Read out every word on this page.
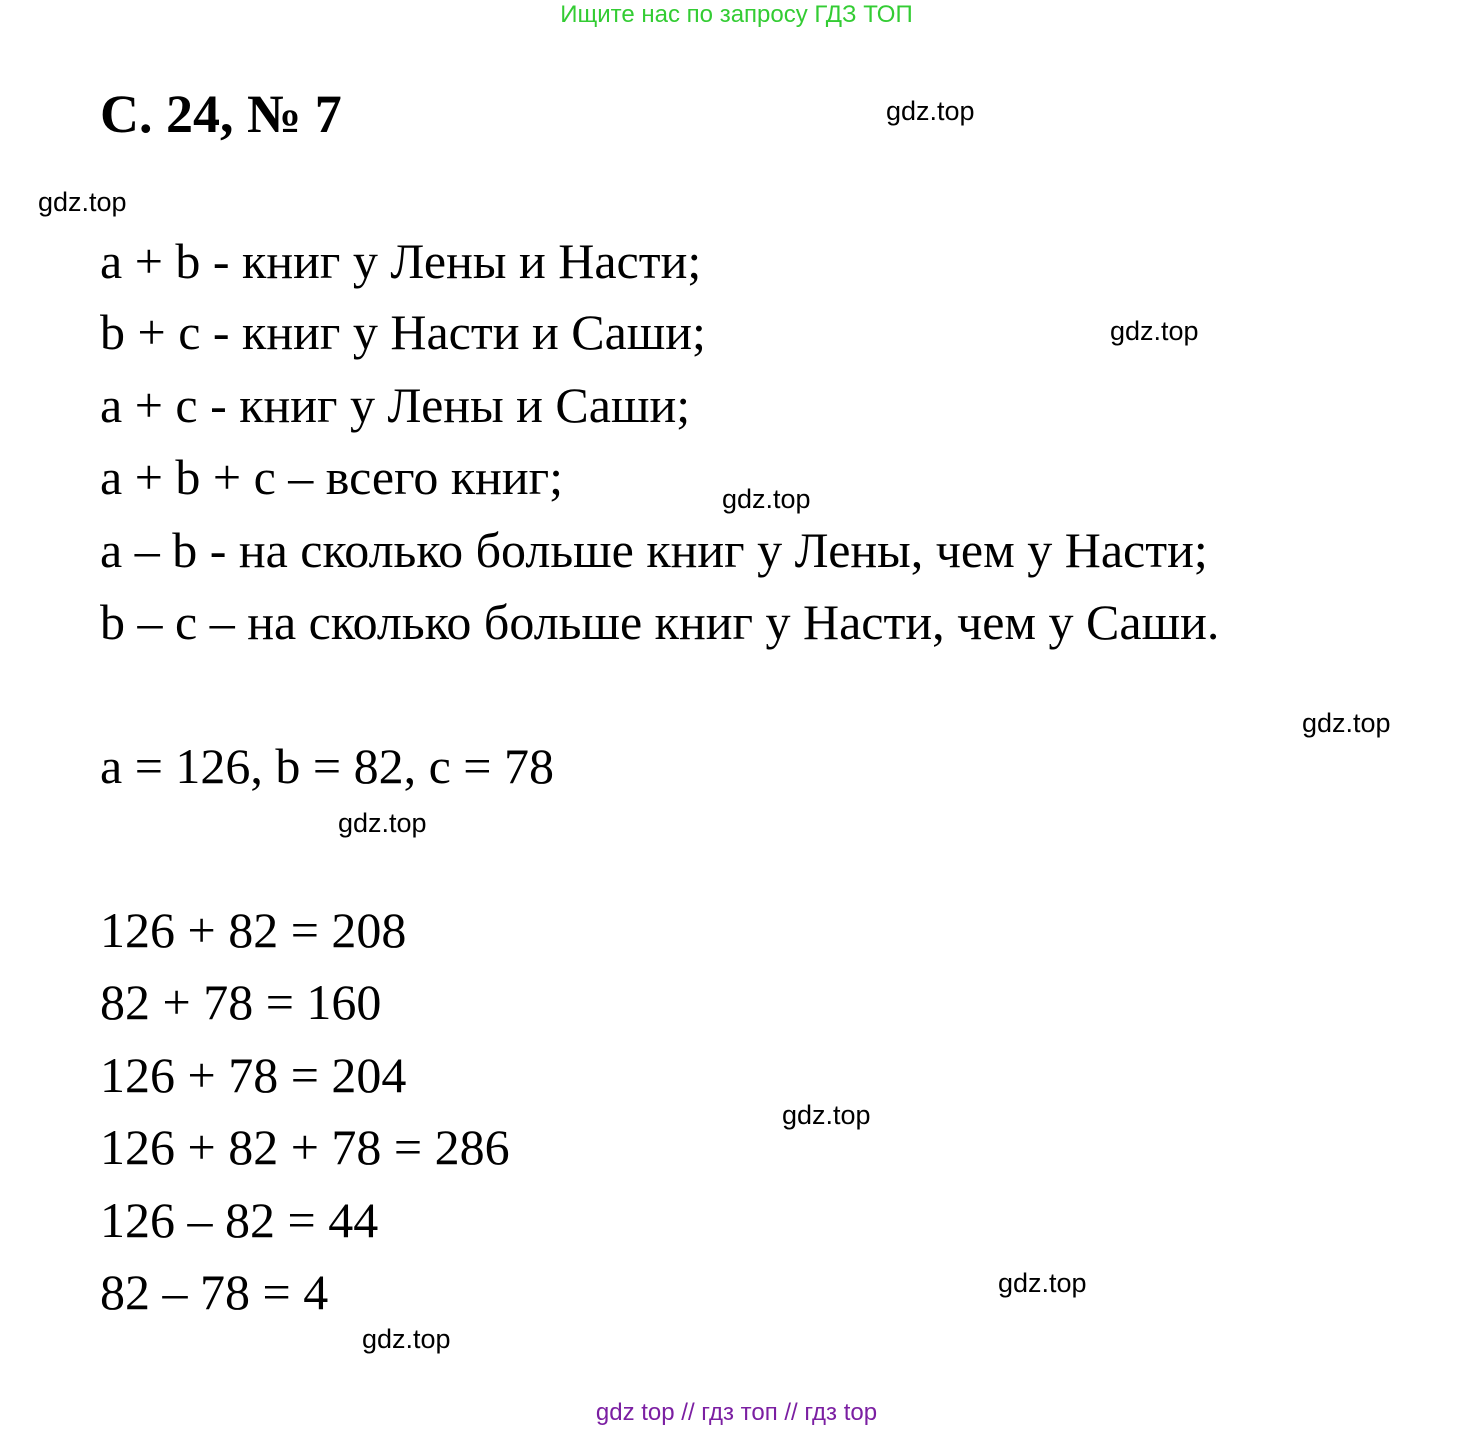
Ищите нас по запросу ГДЗ ТОП
С. 24, № 7
a + b - книг у Лены и Насти;
b + c - книг у Насти и Саши;
a + c - книг у Лены и Саши;
a + b + c – всего книг;
a – b - на сколько больше книг у Лены, чем у Насти;
b – c – на сколько больше книг у Насти, чем у Саши.
a = 126, b = 82, c = 78
126 + 82 = 208
82 + 78 = 160
126 + 78 = 204
126 + 82 + 78 = 286
126 – 82 = 44
82 – 78 = 4
gdz.top
gdz.top
gdz.top
gdz.top
gdz.top
gdz.top
gdz.top
gdz.top
gdz.top
gdz top // гдз топ // гдз top
